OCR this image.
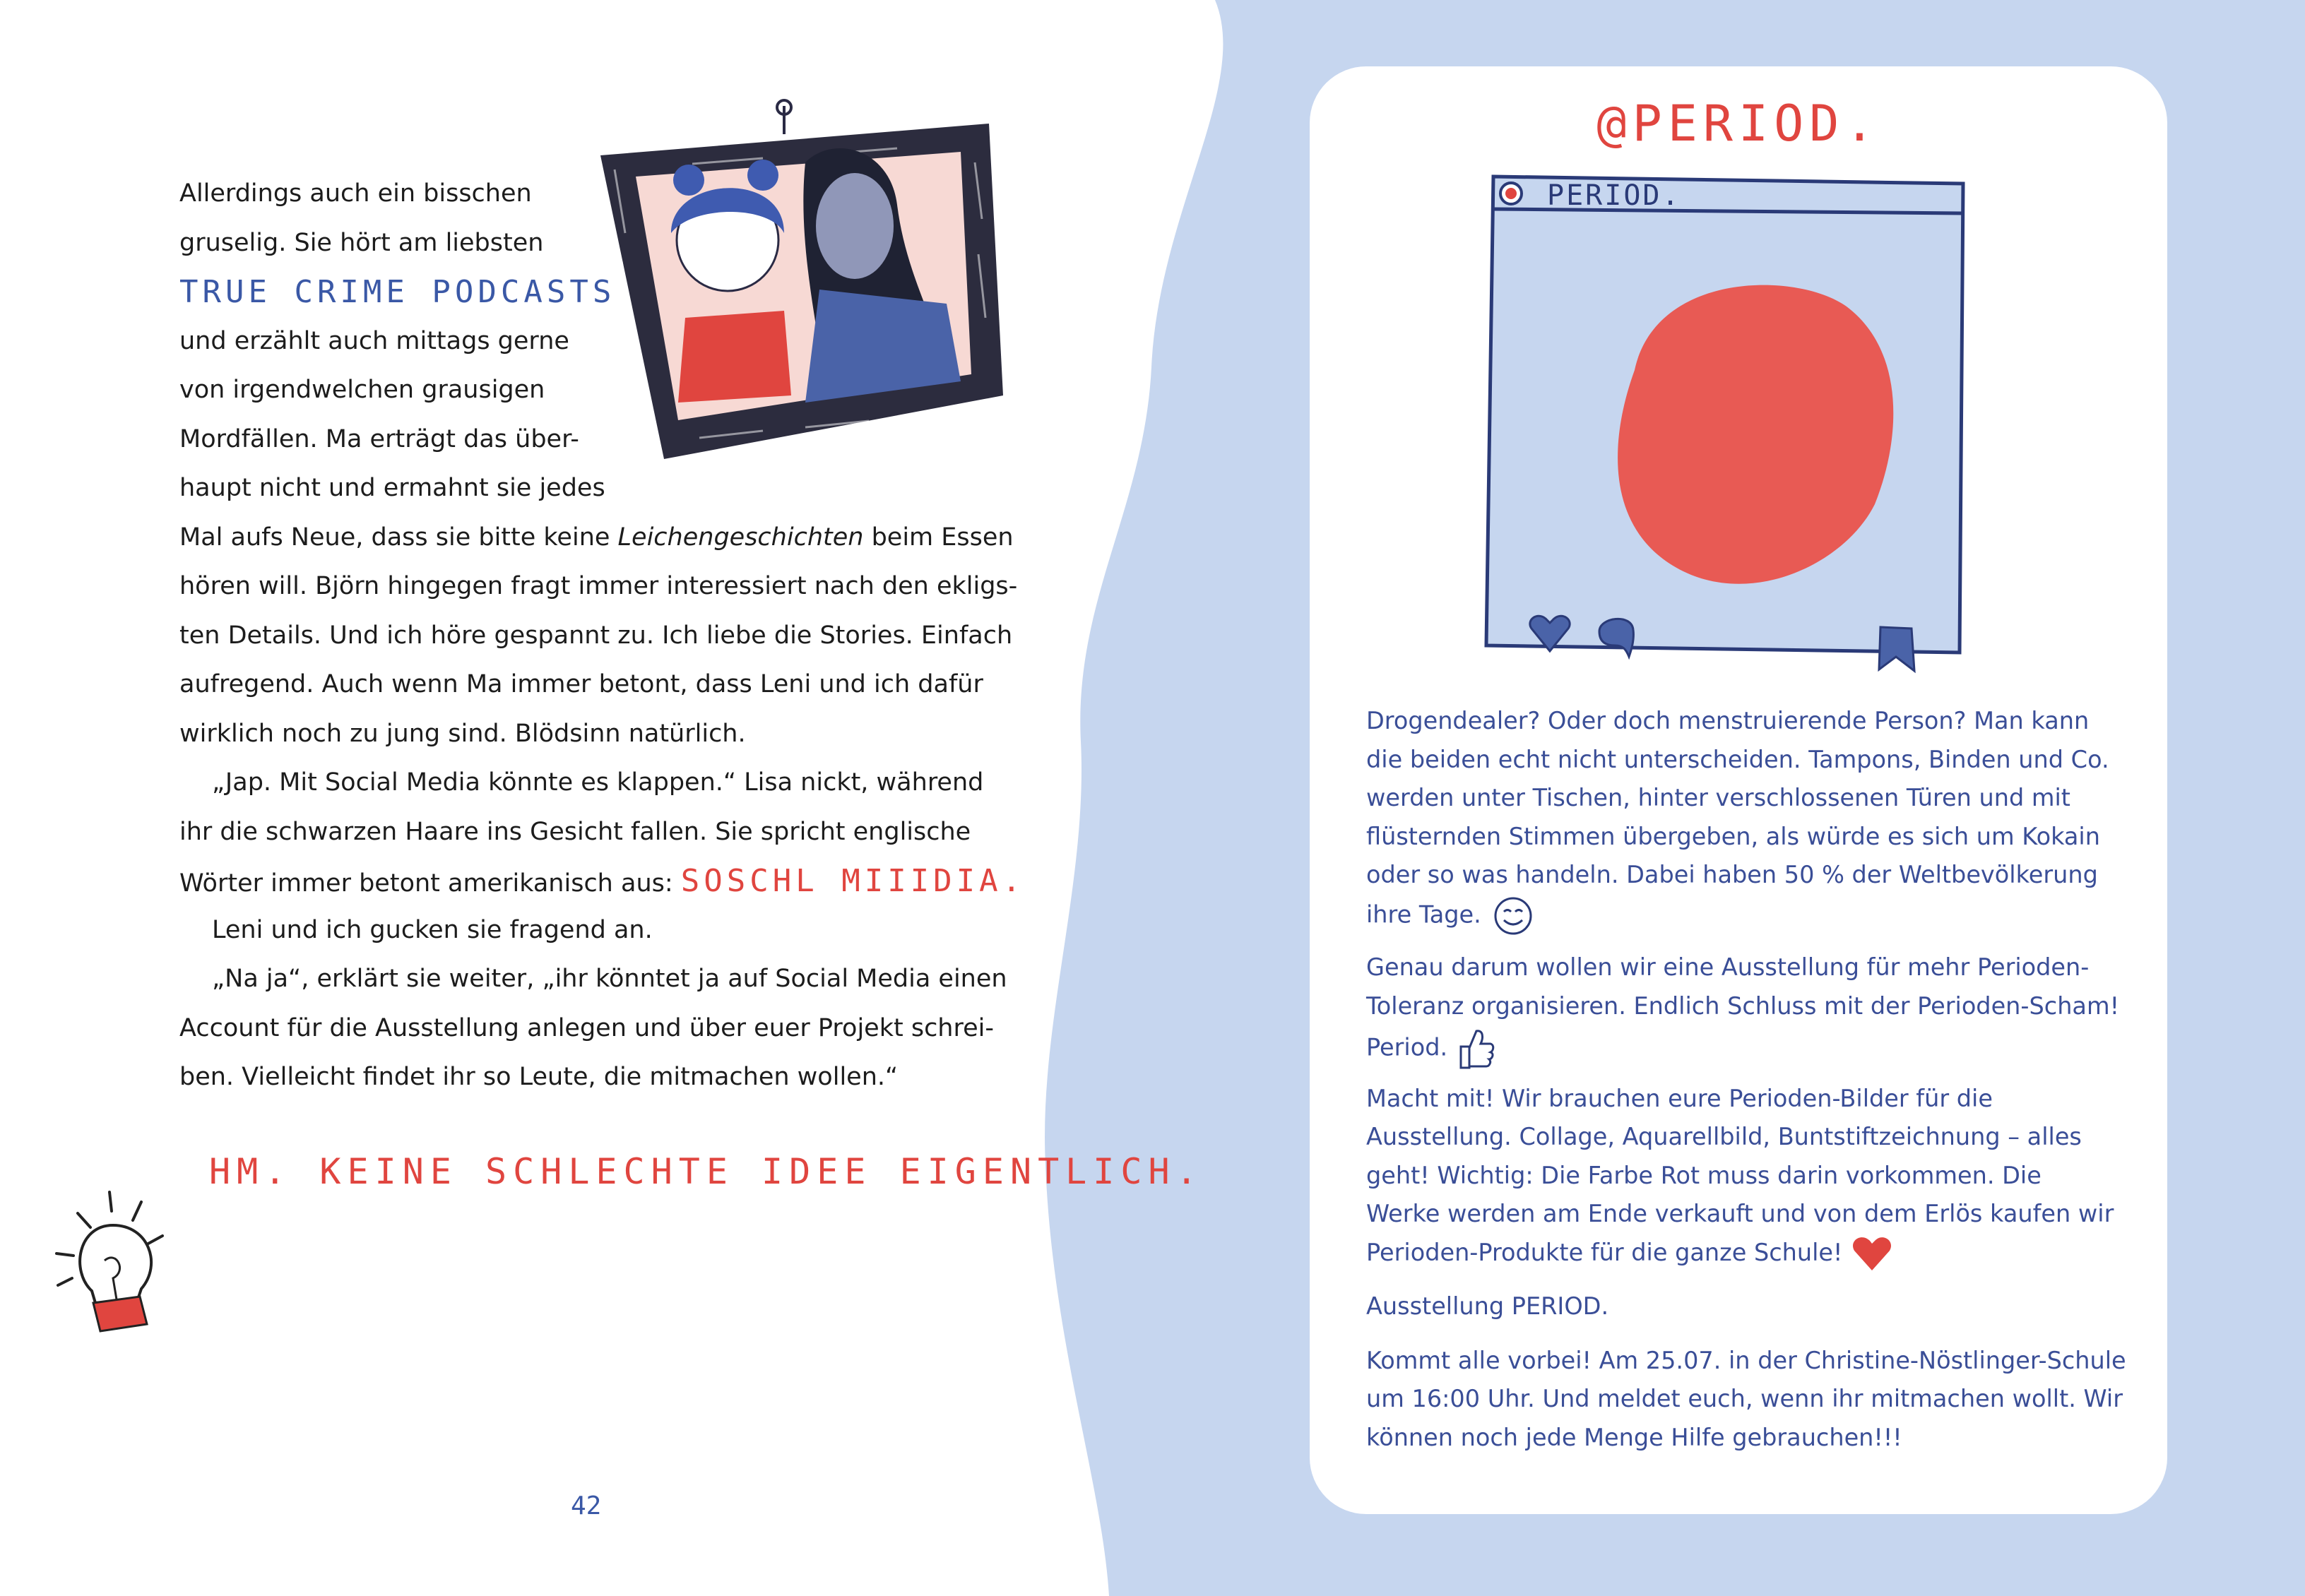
Allerdings auch ein bisschen
gruselig. Sie hört am liebsten
TRUE CRIME PODCASTS
und erzählt auch mittags gerne
von irgendwelchen grausigen
Mordfällen. Ma erträgt das über-
haupt nicht und ermahnt sie jedes
Mal aufs Neue, dass sie bitte keine Leichengeschichten beim Essen
hören will. Björn hingegen fragt immer interessiert nach den ekligs-
ten Details. Und ich höre gespannt zu. Ich liebe die Stories. Einfach
aufregend. Auch wenn Ma immer betont, dass Leni und ich dafür
wirklich noch zu jung sind. Blödsinn natürlich.
„Jap. Mit Social Media könnte es klappen.“ Lisa nickt, während
ihr die schwarzen Haare ins Gesicht fallen. Sie spricht englische
Wörter immer betont amerikanisch aus: SOSCHL MIIIDIA.
Leni und ich gucken sie fragend an.
„Na ja“, erklärt sie weiter, „ihr könntet ja auf Social Media einen
Account für die Ausstellung anlegen und über euer Projekt schrei-
ben. Vielleicht findet ihr so Leute, die mitmachen wollen.“
HM. KEINE SCHLECHTE IDEE EIGENTLICH.
42
@PERIOD.
PERIOD.
Drogendealer? Oder doch menstruierende Person? Man kann
die beiden echt nicht unterscheiden. Tampons, Binden und Co.
werden unter Tischen, hinter verschlossenen Türen und mit
flüsternden Stimmen übergeben, als würde es sich um Kokain
oder so was handeln. Dabei haben 50 % der Weltbevölkerung
ihre Tage.
Genau darum wollen wir eine Ausstellung für mehr Perioden-
Toleranz organisieren. Endlich Schluss mit der Perioden-Scham!
Period.
Macht mit! Wir brauchen eure Perioden-Bilder für die
Ausstellung. Collage, Aquarellbild, Buntstiftzeichnung – alles
geht! Wichtig: Die Farbe Rot muss darin vorkommen. Die
Werke werden am Ende verkauft und von dem Erlös kaufen wir
Perioden-Produkte für die ganze Schule!
Ausstellung PERIOD.
Kommt alle vorbei! Am 25.07. in der Christine-Nöstlinger-Schule
um 16:00 Uhr. Und meldet euch, wenn ihr mitmachen wollt. Wir
können noch jede Menge Hilfe gebrauchen!!!
